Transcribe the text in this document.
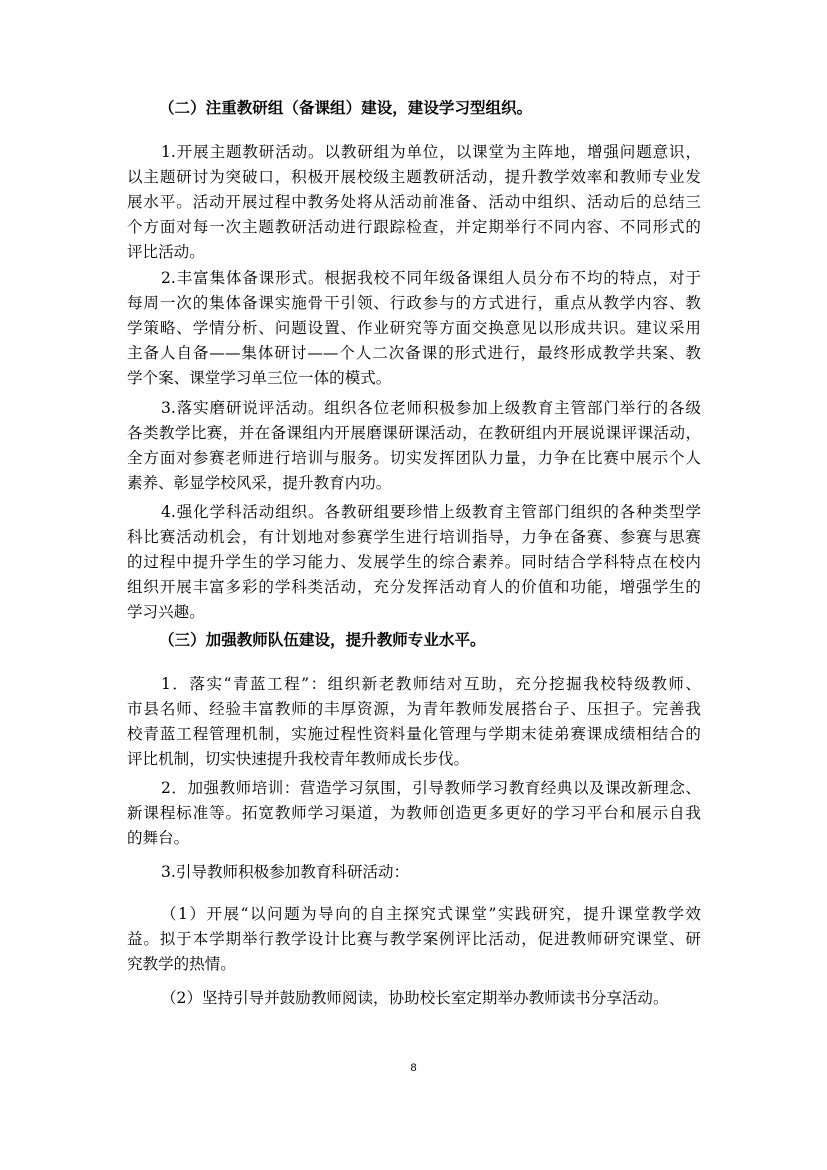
（二）注重教研组（备课组）建设，建设学习型组织。
1.开展主题教研活动。以教研组为单位，以课堂为主阵地，增强问题意识，
以主题研讨为突破口，积极开展校级主题教研活动，提升教学效率和教师专业发
展水平。活动开展过程中教务处将从活动前准备、活动中组织、活动后的总结三
个方面对每一次主题教研活动进行跟踪检查，并定期举行不同内容、不同形式的
评比活动。
2.丰富集体备课形式。根据我校不同年级备课组人员分布不均的特点，对于
每周一次的集体备课实施骨干引领、行政参与的方式进行，重点从教学内容、教
学策略、学情分析、问题设置、作业研究等方面交换意见以形成共识。建议采用
主备人自备——集体研讨——个人二次备课的形式进行，最终形成教学共案、教
学个案、课堂学习单三位一体的模式。
3.落实磨研说评活动。组织各位老师积极参加上级教育主管部门举行的各级
各类教学比赛，并在备课组内开展磨课研课活动，在教研组内开展说课评课活动，
全方面对参赛老师进行培训与服务。切实发挥团队力量，力争在比赛中展示个人
素养、彰显学校风采，提升教育内功。
4.强化学科活动组织。各教研组要珍惜上级教育主管部门组织的各种类型学
科比赛活动机会，有计划地对参赛学生进行培训指导，力争在备赛、参赛与思赛
的过程中提升学生的学习能力、发展学生的综合素养。同时结合学科特点在校内
组织开展丰富多彩的学科类活动，充分发挥活动育人的价值和功能，增强学生的
学习兴趣。
（三）加强教师队伍建设，提升教师专业水平。
1．落实“青蓝工程”：组织新老教师结对互助，充分挖掘我校特级教师、
市县名师、经验丰富教师的丰厚资源，为青年教师发展搭台子、压担子。完善我
校青蓝工程管理机制，实施过程性资料量化管理与学期末徒弟赛课成绩相结合的
评比机制，切实快速提升我校青年教师成长步伐。
2．加强教师培训：营造学习氛围，引导教师学习教育经典以及课改新理念、
新课程标准等。拓宽教师学习渠道，为教师创造更多更好的学习平台和展示自我
的舞台。
3.引导教师积极参加教育科研活动：
（1）开展“以问题为导向的自主探究式课堂”实践研究，提升课堂教学效
益。拟于本学期举行教学设计比赛与教学案例评比活动，促进教师研究课堂、研
究教学的热情。
（2）坚持引导并鼓励教师阅读，协助校长室定期举办教师读书分享活动。
8
